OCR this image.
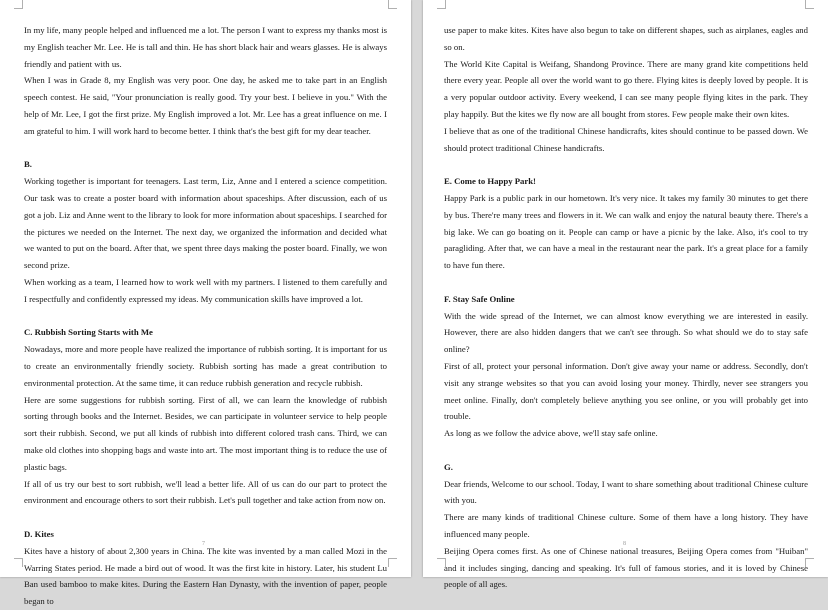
In my life, many people helped and influenced me a lot. The person I want to express my thanks most is my English teacher Mr. Lee. He is tall and thin. He has short black hair and wears glasses. He is always friendly and patient with us.

When I was in Grade 8, my English was very poor. One day, he asked me to take part in an English speech contest. He said, "Your pronunciation is really good. Try your best. I believe in you." With the help of Mr. Lee, I got the first prize. My English improved a lot. Mr. Lee has a great influence on me. I am grateful to him. I will work hard to become better. I think that's the best gift for my dear teacher.

B.

Working together is important for teenagers. Last term, Liz, Anne and I entered a science competition. Our task was to create a poster board with information about spaceships. After discussion, each of us got a job. Liz and Anne went to the library to look for more information about spaceships. I searched for the pictures we needed on the Internet. The next day, we organized the information and decided what we wanted to put on the board. After that, we spent three days making the poster board. Finally, we won second prize.

When working as a team, I learned how to work well with my partners. I listened to them carefully and I respectfully and confidently expressed my ideas. My communication skills have improved a lot.

C. Rubbish Sorting Starts with Me

Nowadays, more and more people have realized the importance of rubbish sorting. It is important for us to create an environmentally friendly society. Rubbish sorting has made a great contribution to environmental protection. At the same time, it can reduce rubbish generation and recycle rubbish.

Here are some suggestions for rubbish sorting. First of all, we can learn the knowledge of rubbish sorting through books and the Internet. Besides, we can participate in volunteer service to help people sort their rubbish. Second, we put all kinds of rubbish into different colored trash cans. Third, we can make old clothes into shopping bags and waste into art. The most important thing is to reduce the use of plastic bags.

If all of us try our best to sort rubbish, we'll lead a better life. All of us can do our part to protect the environment and encourage others to sort their rubbish. Let's pull together and take action from now on.

D. Kites

Kites have a history of about 2,300 years in China. The kite was invented by a man called Mozi in the Warring States period. He made a bird out of wood. It was the first kite in history. Later, his student Lu Ban used bamboo to make kites. During the Eastern Han Dynasty, with the invention of paper, people began to

7

use paper to make kites. Kites have also begun to take on different shapes, such as airplanes, eagles and so on.

The World Kite Capital is Weifang, Shandong Province. There are many grand kite competitions held there every year. People all over the world want to go there. Flying kites is deeply loved by people. It is a very popular outdoor activity. Every weekend, I can see many people flying kites in the park. They play happily. But the kites we fly now are all bought from stores. Few people make their own kites.

I believe that as one of the traditional Chinese handicrafts, kites should continue to be passed down. We should protect traditional Chinese handicrafts.

E. Come to Happy Park!

Happy Park is a public park in our hometown. It's very nice. It takes my family 30 minutes to get there by bus. There're many trees and flowers in it. We can walk and enjoy the natural beauty there. There's a big lake. We can go boating on it. People can camp or have a picnic by the lake. Also, it's cool to try paragliding. After that, we can have a meal in the restaurant near the park. It's a great place for a family to have fun there.

F. Stay Safe Online

With the wide spread of the Internet, we can almost know everything we are interested in easily. However, there are also hidden dangers that we can't see through. So what should we do to stay safe online?

First of all, protect your personal information. Don't give away your name or address. Secondly, don't visit any strange websites so that you can avoid losing your money. Thirdly, never see strangers you meet online. Finally, don't completely believe anything you see online, or you will probably get into trouble.

As long as we follow the advice above, we'll stay safe online.

G.

Dear friends, Welcome to our school. Today, I want to share something about traditional Chinese culture with you.

There are many kinds of traditional Chinese culture. Some of them have a long history. They have influenced many people.

Beijing Opera comes first. As one of Chinese national treasures, Beijing Opera comes from "Huiban" and it includes singing, dancing and speaking. It's full of famous stories, and it is loved by Chinese people of all ages.

8
